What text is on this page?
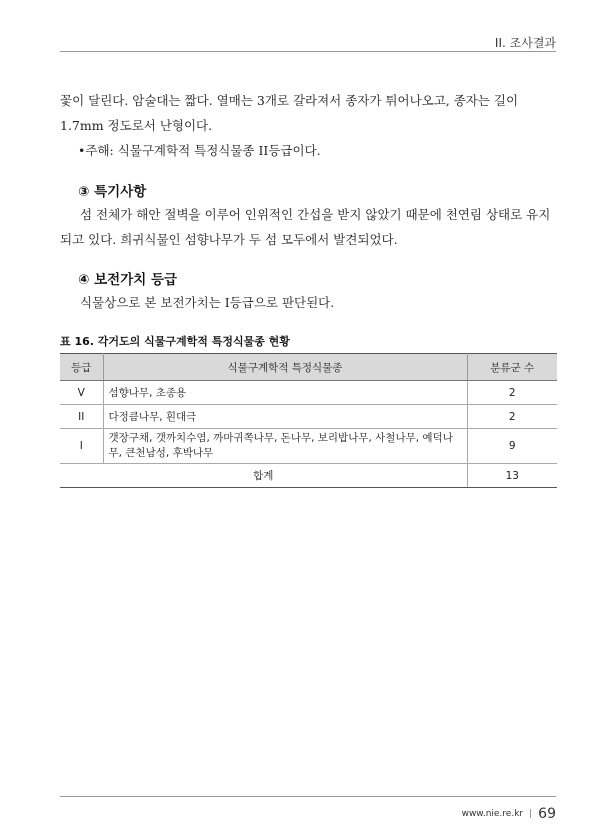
II. 조사결과

꽃이 달린다. 암술대는 짧다. 열매는 3개로 갈라져서 종자가 튀어나오고, 종자는 길이

1.7mm 정도로서 난형이다.

•주해: 식물구계학적 특정식물종 II등급이다.

③ 특기사항

섬 전체가 해안 절벽을 이루어 인위적인 간섭을 받지 않았기 때문에 천연림 상태로 유지되고 있다. 희귀식물인 섬향나무가 두 섬 모두에서 발견되었다.

④ 보전가치 등급

식물상으로 본 보전가치는 I등급으로 판단된다.

표 16. 각거도의 식물구계학적 특정식물종 현황
등급	식물구계학적 특정식물종	분류군 수
V	섬향나무, 초종용	2
II	다정큼나무, 흰대극	2
I	갯장구채, 갯까치수염, 까마귀쪽나무, 돈나무, 보리밥나무, 사철나무, 예덕나무, 큰천남성, 후박나무	9
합계		13
www.nie.re.kr | 69
